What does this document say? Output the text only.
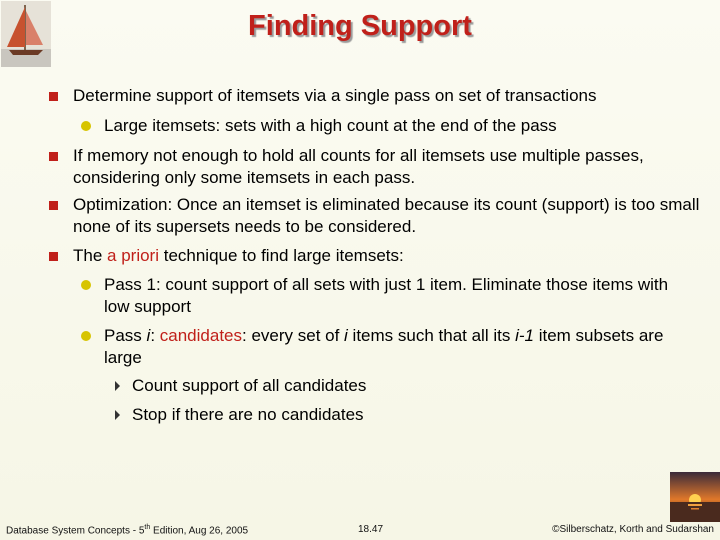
Finding Support
Determine support of itemsets via a single pass on set of transactions
Large itemsets: sets with a high count at the end of the pass
If memory not enough to hold all counts for all itemsets use multiple passes, considering only some itemsets in each pass.
Optimization: Once an itemset is eliminated because its count (support) is too small none of its supersets needs to be considered.
The a priori technique to find large itemsets:
Pass 1: count support of all sets with just 1 item. Eliminate those items with low support
Pass i: candidates: every set of i items such that all its i-1 item subsets are large
Count support of all candidates
Stop if there are no candidates
Database System Concepts - 5th Edition, Aug 26, 2005	18.47	©Silberschatz, Korth and Sudarshan
